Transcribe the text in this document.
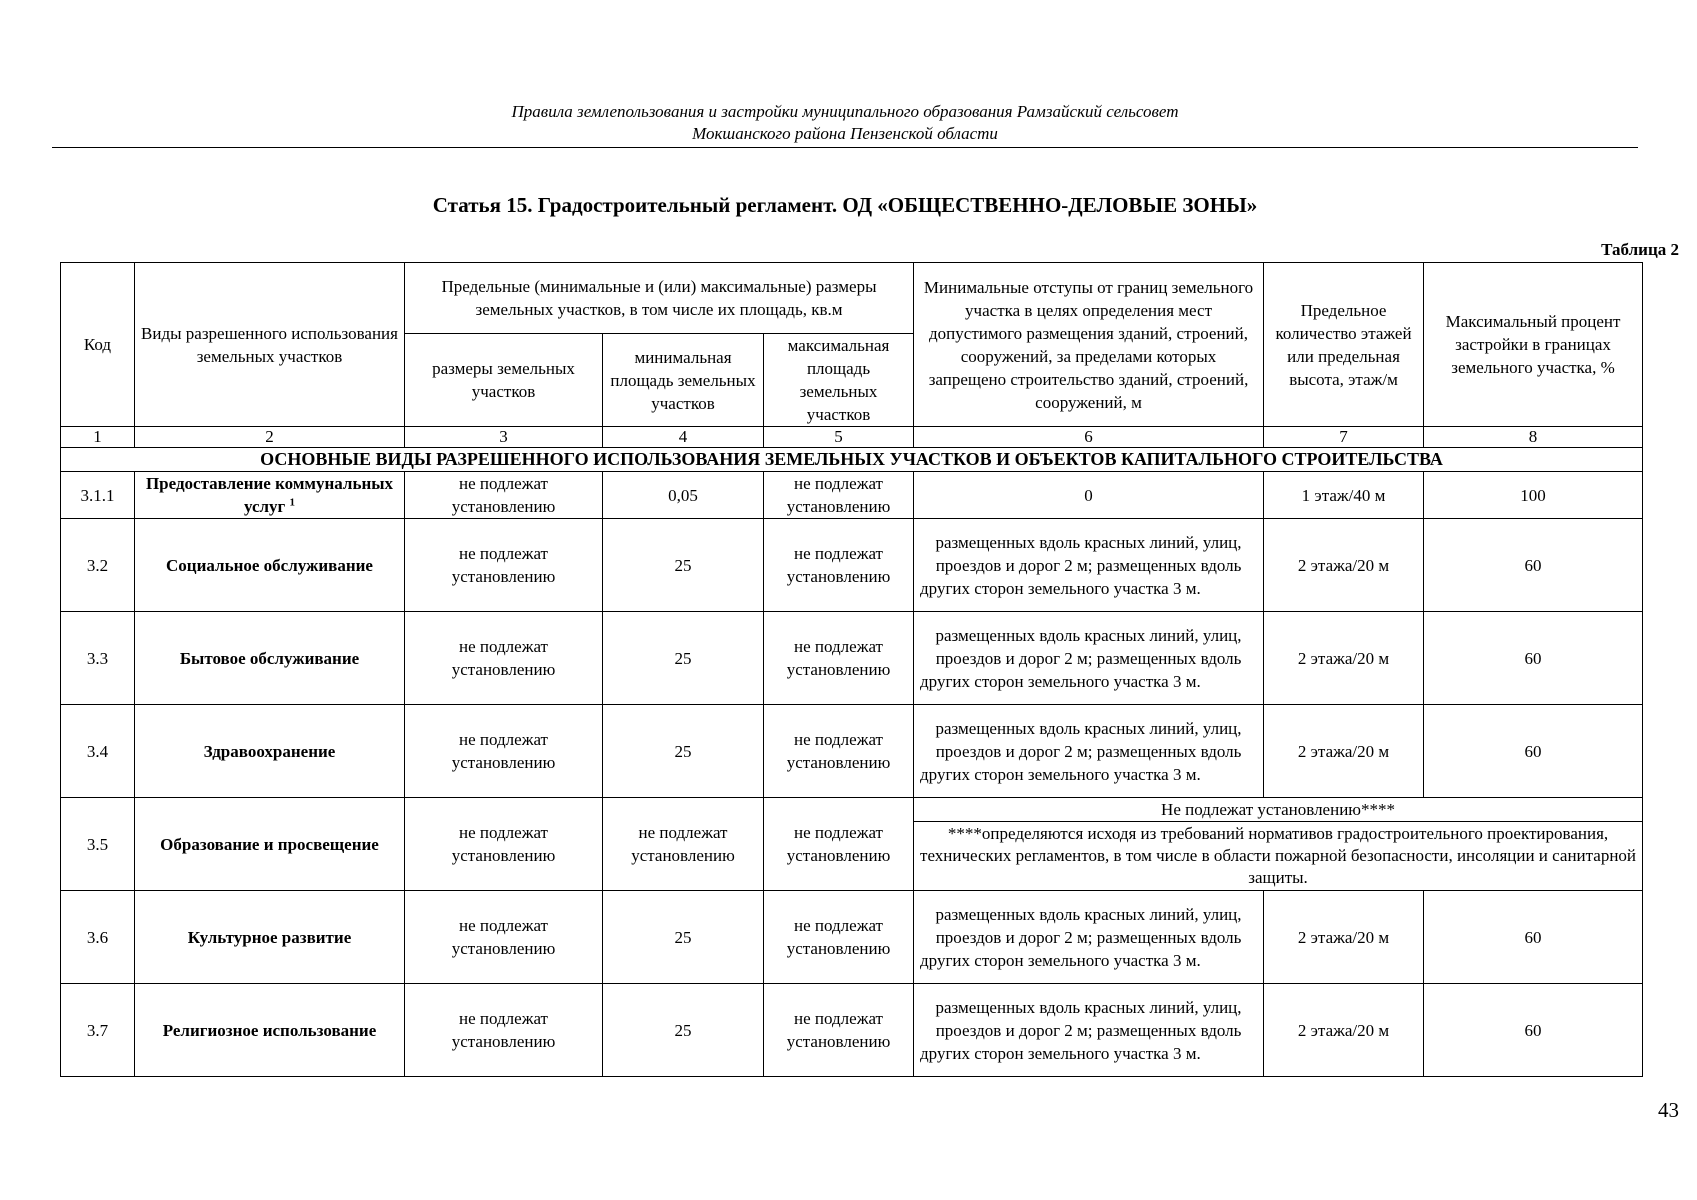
Правила землепользования и застройки муниципального образования Рамзайский сельсовет
Мокшанского района Пензенской области
Статья 15. Градостроительный регламент. ОД «ОБЩЕСТВЕННО-ДЕЛОВЫЕ ЗОНЫ»
Таблица 2
Код	Виды разрешенного использования земельных участков	Предельные (минимальные и (или) максимальные) размеры земельных участков, в том числе их площадь, кв.м			Минимальные отступы от границ земельного участка в целях определения мест допустимого размещения зданий, строений, сооружений, за пределами которых запрещено строительство зданий, строений, сооружений, м	Предельное количество этажей или предельная высота, этаж/м	Максимальный процент застройки в границах земельного участка, %
		размеры земельных участков	минимальная площадь земельных участков	максимальная площадь земельных участков			
1	2	3	4	5	6	7	8
ОСНОВНЫЕ ВИДЫ РАЗРЕШЕННОГО ИСПОЛЬЗОВАНИЯ ЗЕМЕЛЬНЫХ УЧАСТКОВ И ОБЪЕКТОВ КАПИТАЛЬНОГО СТРОИТЕЛЬСТВА							
3.1.1	Предоставление коммунальных услуг $^1$	не подлежат установлению	0,05	не подлежат установлению	0	1 этаж/40 м	100
3.2	Социальное обслуживание	не подлежат установлению	25	не подлежат установлению	размещенных вдоль красных линий, улиц, проездов и дорог 2 м; размещенных вдоль других сторон земельного участка 3 м.	2 этажа/20 м	60
3.3	Бытовое обслуживание	не подлежат установлению	25	не подлежат установлению	размещенных вдоль красных линий, улиц, проездов и дорог 2 м; размещенных вдоль других сторон земельного участка 3 м.	2 этажа/20 м	60
3.4	Здравоохранение	не подлежат установлению	25	не подлежат установлению	размещенных вдоль красных линий, улиц, проездов и дорог 2 м; размещенных вдоль других сторон земельного участка 3 м.	2 этажа/20 м	60
3.5	Образование и просвещение	не подлежат установлению	не подлежат установлению	не подлежат установлению	Не подлежат установлению****		
					****определяются исходя из требований нормативов градостроительного проектирования, технических регламентов, в том числе в области пожарной безопасности, инсоляции и санитарной защиты.		
3.6	Культурное развитие	не подлежат установлению	25	не подлежат установлению	размещенных вдоль красных линий, улиц, проездов и дорог 2 м; размещенных вдоль других сторон земельного участка 3 м.	2 этажа/20 м	60
3.7	Религиозное использование	не подлежат установлению	25	не подлежат установлению	размещенных вдоль красных линий, улиц, проездов и дорог 2 м; размещенных вдоль других сторон земельного участка 3 м.	2 этажа/20 м	60
43
